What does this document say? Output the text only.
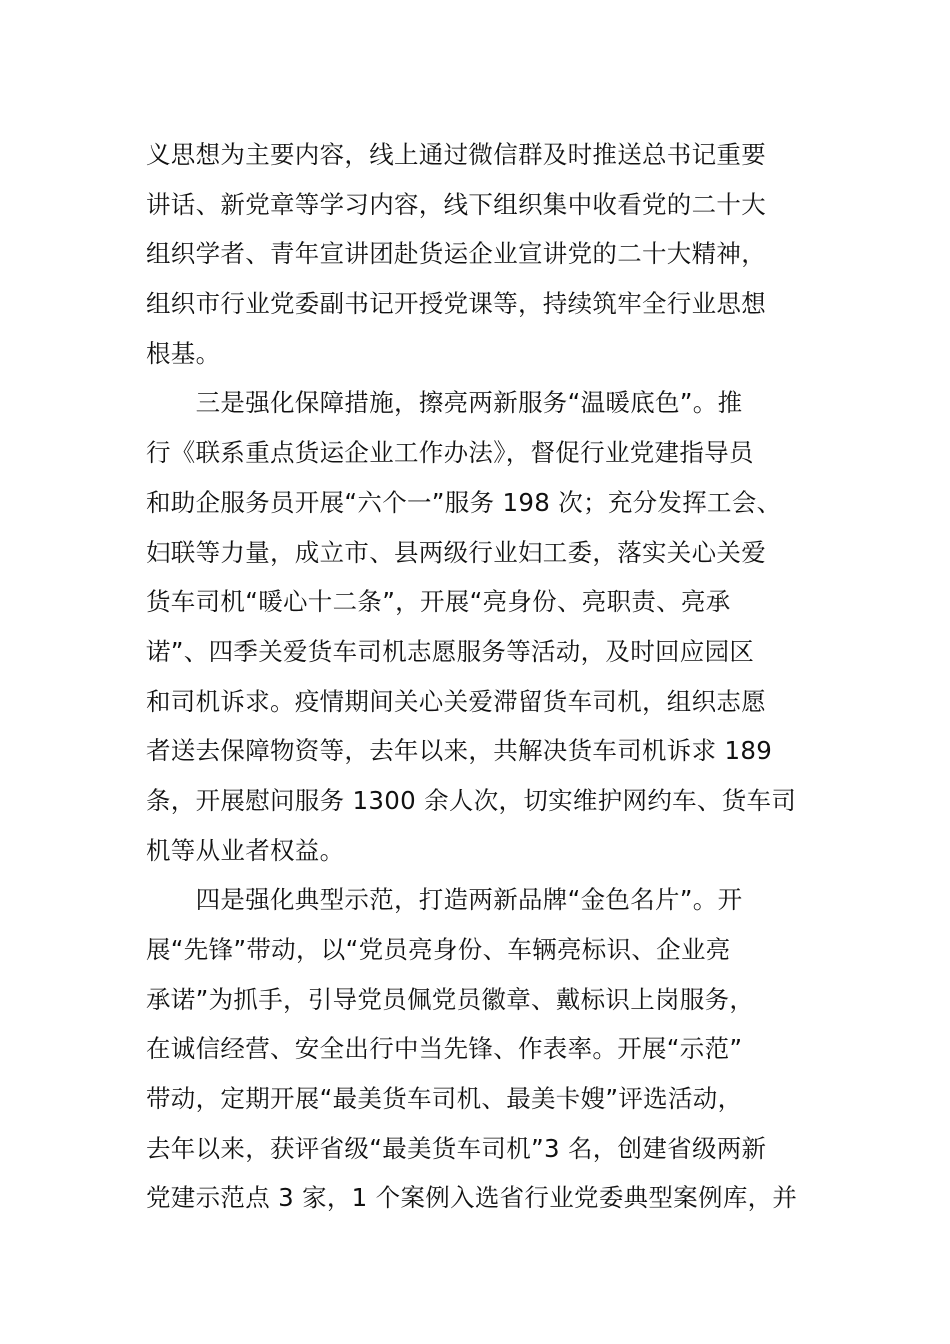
义思想为主要内容，线上通过微信群及时推送总书记重要
讲话、新党章等学习内容，线下组织集中收看党的二十大
组织学者、青年宣讲团赴货运企业宣讲党的二十大精神，
组织市行业党委副书记开授党课等，持续筑牢全行业思想
根基。
　　三是强化保障措施，擦亮两新服务“温暖底色”。推
行《联系重点货运企业工作办法》，督促行业党建指导员
和助企服务员开展“六个一”服务 198 次；充分发挥工会、
妇联等力量，成立市、县两级行业妇工委，落实关心关爱
货车司机“暖心十二条”，开展“亮身份、亮职责、亮承
诺”、四季关爱货车司机志愿服务等活动，及时回应园区
和司机诉求。疫情期间关心关爱滞留货车司机，组织志愿
者送去保障物资等，去年以来，共解决货车司机诉求 189
条，开展慰问服务 1300 余人次，切实维护网约车、货车司
机等从业者权益。
　　四是强化典型示范，打造两新品牌“金色名片”。开
展“先锋”带动，以“党员亮身份、车辆亮标识、企业亮
承诺”为抓手，引导党员佩党员徽章、戴标识上岗服务，
在诚信经营、安全出行中当先锋、作表率。开展“示范”
带动，定期开展“最美货车司机、最美卡嫂”评选活动，
去年以来，获评省级“最美货车司机”3 名，创建省级两新
党建示范点 3 家，1 个案例入选省行业党委典型案例库，并
